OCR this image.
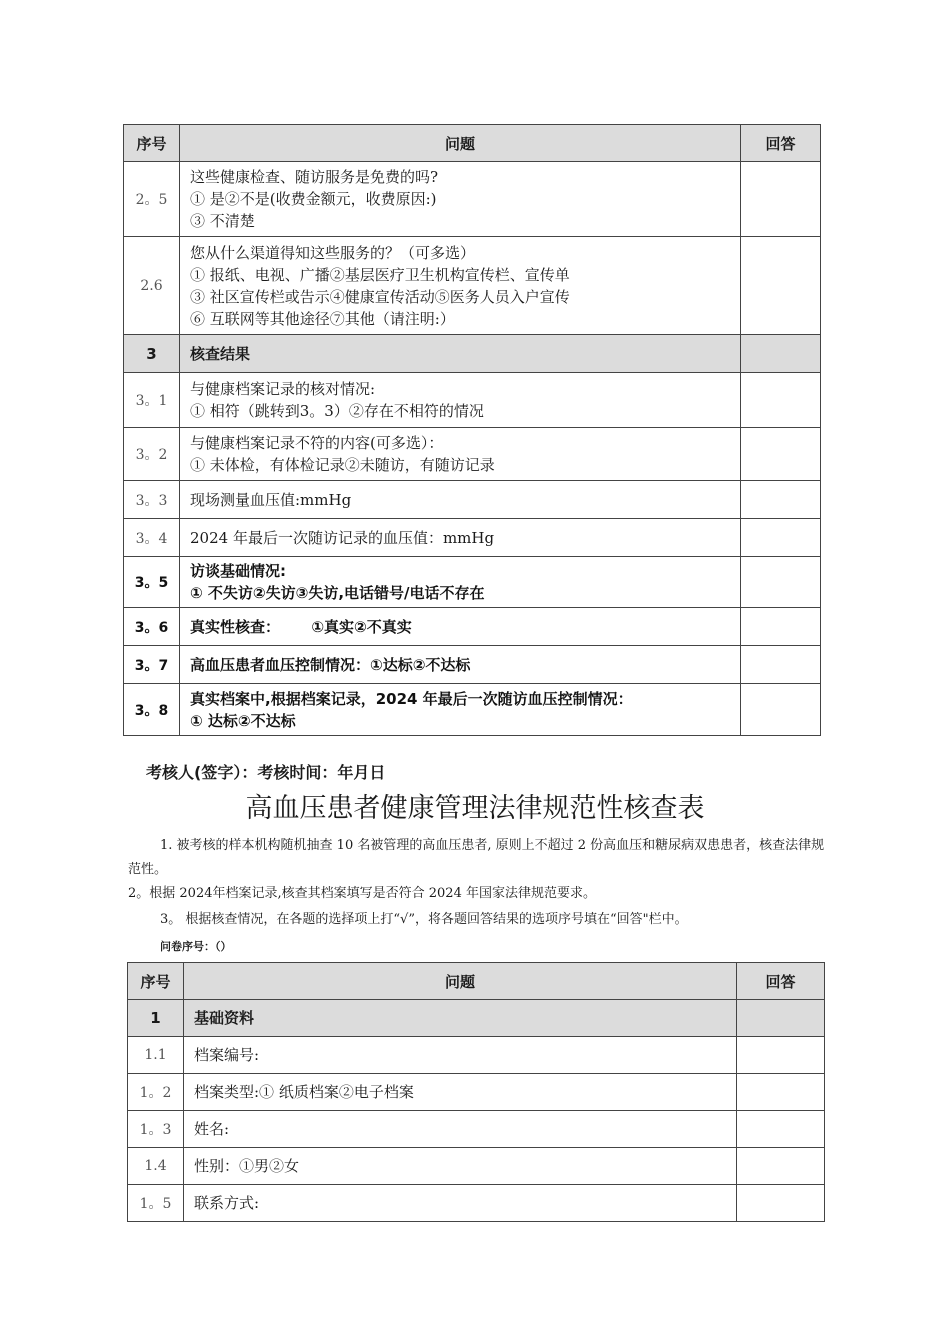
序号	问题	回答
2。5	这些健康检查、随访服务是免费的吗?
① 是②不是(收费金额元，收费原因:)
③ 不清楚	

2.6	您从什么渠道得知这些服务的？（可多选）
① 报纸、电视、广播②基层医疗卫生机构宣传栏、宣传单
③ 社区宣传栏或告示④健康宣传活动⑤医务人员入户宣传
⑥ 互联网等其他途径⑦其他（请注明:）	

3	核查结果	
3。1	与健康档案记录的核对情况:
① 相符（跳转到3。3）②存在不相符的情况	

3。2	与健康档案记录不符的内容(可多选）：
① 未体检，有体检记录②未随访，有随访记录	

3。3	现场测量血压值:mmHg	
3。4	2024 年最后一次随访记录的血压值：mmHg	
3。5	访谈基础情况:
① 不失访②失访③失访,电话错号/电话不存在	

3。6	真实性核查：      ①真实②不真实	
3。7	高血压患者血压控制情况：①达标②不达标	
3。8	真实档案中,根据档案记录，2024 年最后一次随访血压控制情况：
① 达标②不达标	

考核人(签字）：考核时间：年月日
高血压患者健康管理法律规范性核查表
1. 被考核的样本机构随机抽查 10 名被管理的高血压患者, 原则上不超过 2 份高血压和糖尿病双患患者，核查法律规范性。
2。根据 2024年档案记录,核查其档案填写是否符合 2024 年国家法律规范要求。
3。 根据核查情况，在各题的选择项上打“√”，将各题回答结果的选项序号填在“回答"栏中。
问卷序号：（）
序号	问题	回答
1	基础资料	
1.1	档案编号:	
1。2	档案类型:① 纸质档案②电子档案	
1。3	姓名:	
1.4	性别：①男②女	
1。5	联系方式:	
